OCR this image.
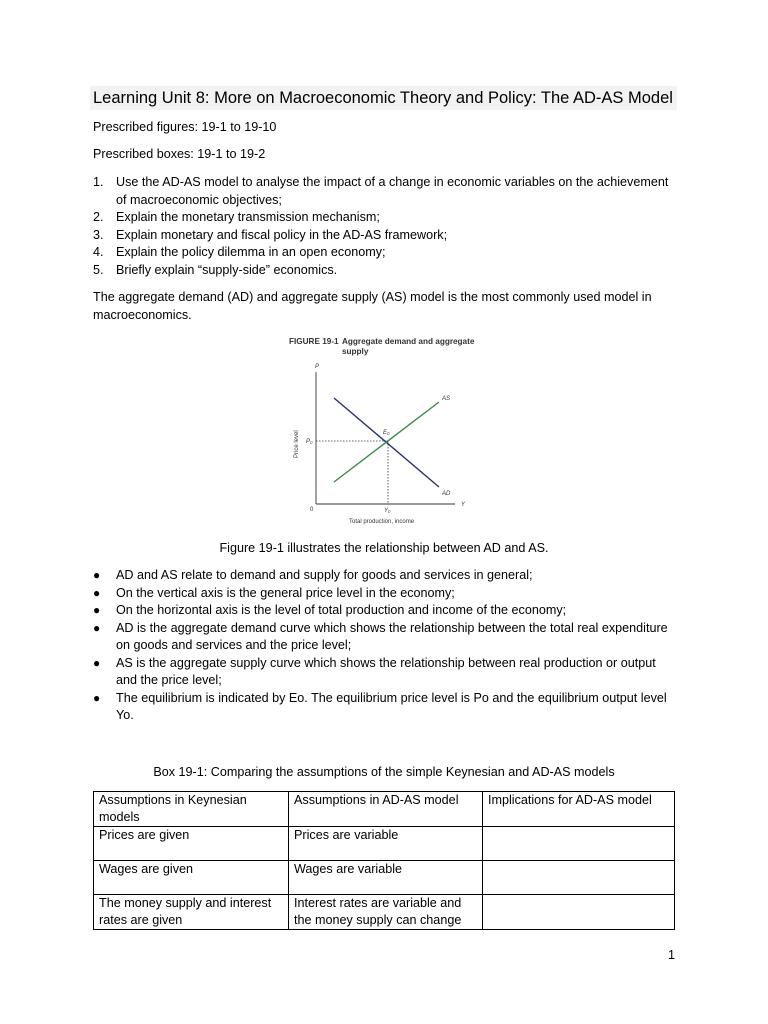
Learning Unit 8: More on Macroeconomic Theory and Policy: The AD-AS Model
Prescribed figures: 19-1 to 19-10
Prescribed boxes: 19-1 to 19-2
1. Use the AD-AS model to analyse the impact of a change in economic variables on the achievement of macroeconomic objectives;
2. Explain the monetary transmission mechanism;
3. Explain monetary and fiscal policy in the AD-AS framework;
4. Explain the policy dilemma in an open economy;
5. Briefly explain “supply-side” economics.
The aggregate demand (AD) and aggregate supply (AS) model is the most commonly used model in macroeconomics.
FIGURE 19-1 Aggregate demand and aggregate
supply
P
Y
0
Price level
Total production, income
AS
AD
E₀
P₀
Y₀
Figure 19-1 illustrates the relationship between AD and AS.
● AD and AS relate to demand and supply for goods and services in general;
● On the vertical axis is the general price level in the economy;
● On the horizontal axis is the level of total production and income of the economy;
● AD is the aggregate demand curve which shows the relationship between the total real expenditure on goods and services and the price level;
● AS is the aggregate supply curve which shows the relationship between real production or output and the price level;
● The equilibrium is indicated by Eo. The equilibrium price level is Po and the equilibrium output level Yo.
Box 19-1: Comparing the assumptions of the simple Keynesian and AD-AS models
Assumptions in Keynesian models	Assumptions in AD-AS model	Implications for AD-AS model
Prices are given	Prices are variable	
Wages are given	Wages are variable	
The money supply and interest rates are given	Interest rates are variable and the money supply can change	
1
